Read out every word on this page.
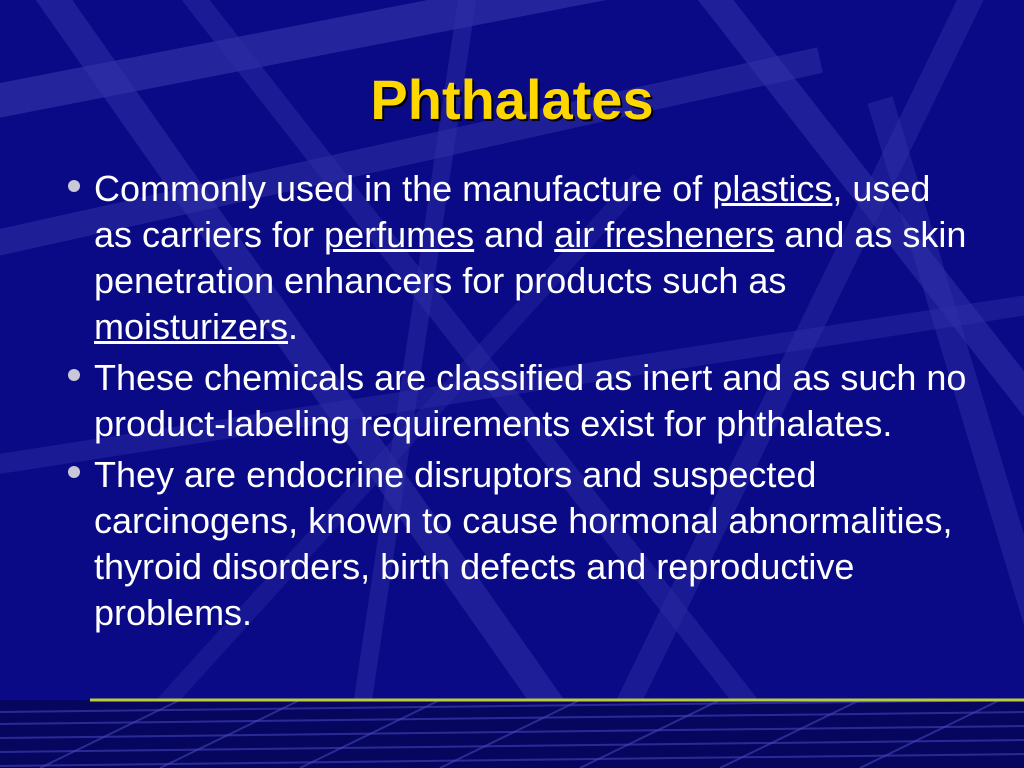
Phthalates
Commonly used in the manufacture of plastics, used as carriers for perfumes and air fresheners and as skin penetration enhancers for products such as moisturizers.
These chemicals are classified as inert and as such no product-labeling requirements exist for phthalates.
They are endocrine disruptors and suspected carcinogens, known to cause hormonal abnormalities, thyroid disorders, birth defects and reproductive problems.
